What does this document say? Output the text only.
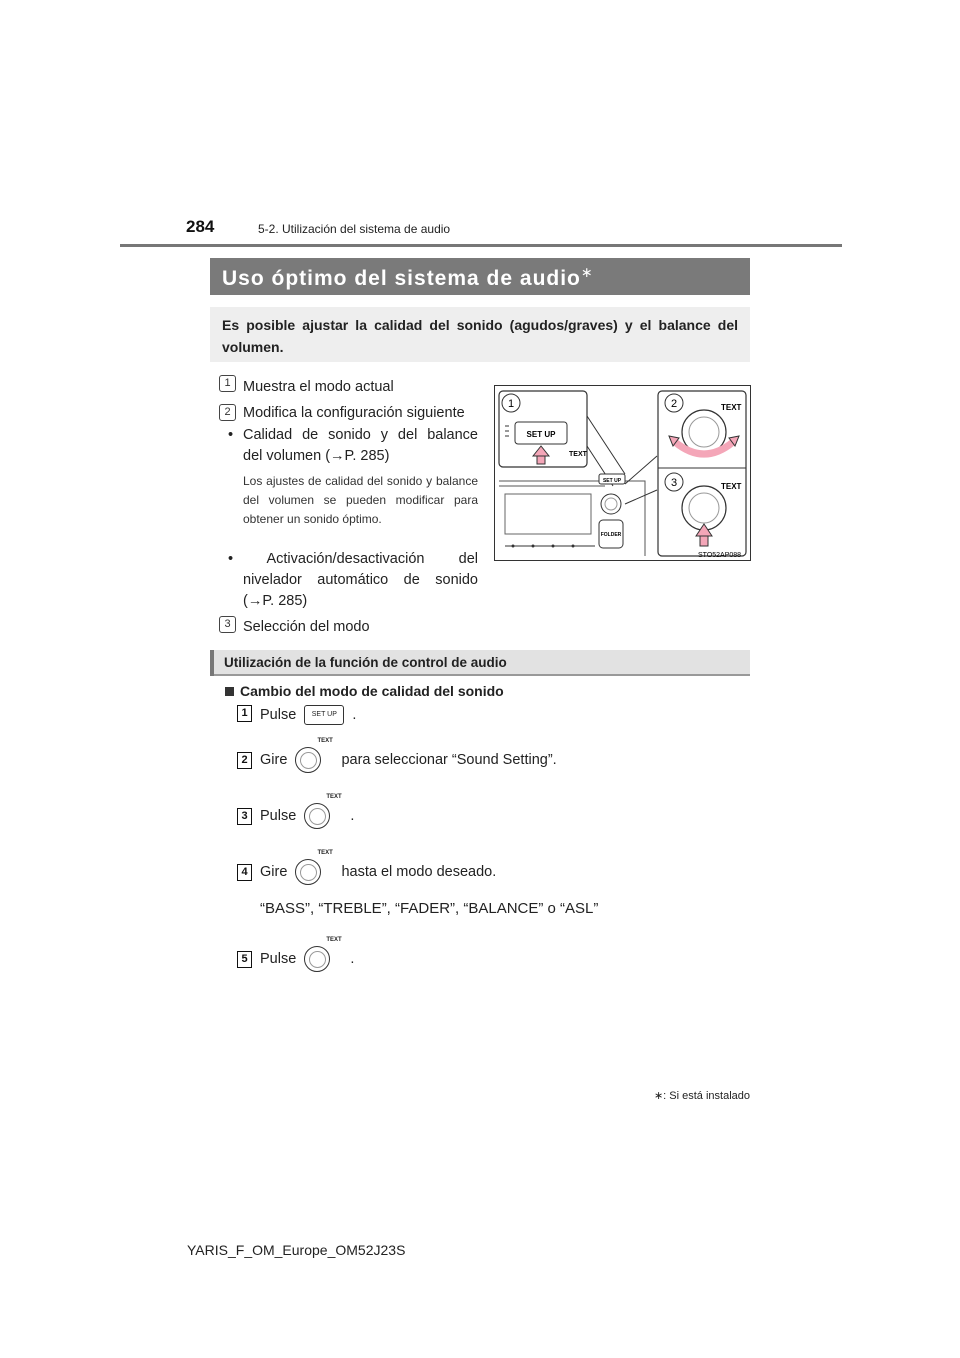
284	5-2. Utilización del sistema de audio
Uso óptimo del sistema de audio∗
Es posible ajustar la calidad del sonido (agudos/graves) y el balance del volumen.
1 Muestra el modo actual
2 Modifica la configuración siguiente
• Calidad de sonido y del balance
del volumen (→P. 285)
Los ajustes de calidad del sonido y balance del volumen se pueden modificar para obtener un sonido óptimo.
• Activación/desactivación del
nivelador automático de sonido
(→P. 285)
3 Selección del modo
1
SET UP
TEXT
SET UP
FOLDER
2	TEXT
3	TEXT
STO52AP088
Utilización de la función de control de audio
Cambio del modo de calidad del sonido
1 Pulse SET UP .
2 Gire
TEXT
para seleccionar “Sound Setting”.
3 Pulse
TEXT
.
4 Gire
TEXT
hasta el modo deseado.
“BASS”, “TREBLE”, “FADER”, “BALANCE” o “ASL”
5 Pulse
TEXT
.
∗: Si está instalado
YARIS_F_OM_Europe_OM52J23S
